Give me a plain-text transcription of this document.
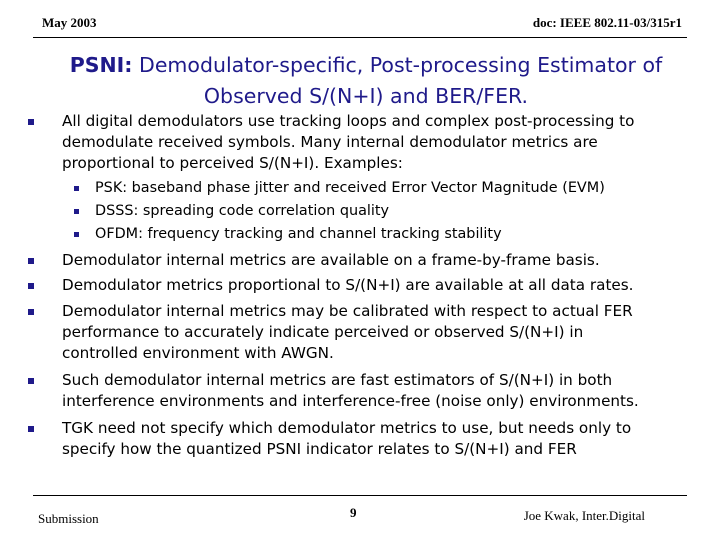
May 2003	doc: IEEE 802.11-03/315r1
PSNI: Demodulator-specific, Post-processing Estimator of
Observed S/(N+I) and BER/FER.
All digital demodulators use tracking loops and complex post-processing to
demodulate received symbols. Many internal demodulator metrics are
proportional to perceived S/(N+I). Examples:
PSK: baseband phase jitter and received Error Vector Magnitude (EVM)
DSSS: spreading code correlation quality
OFDM: frequency tracking and channel tracking stability
Demodulator internal metrics are available on a frame-by-frame basis.
Demodulator metrics proportional to S/(N+I) are available at all data rates.
Demodulator internal metrics may be calibrated with respect to actual FER
performance to accurately indicate perceived or observed S/(N+I) in
controlled environment with AWGN.
Such demodulator internal metrics are fast estimators of S/(N+I) in both
interference environments and interference-free (noise only) environments.
TGK need not specify which demodulator metrics to use, but needs only to
specify how the quantized PSNI indicator relates to S/(N+I) and FER
Submission	9	Joe Kwak, Inter.Digital
